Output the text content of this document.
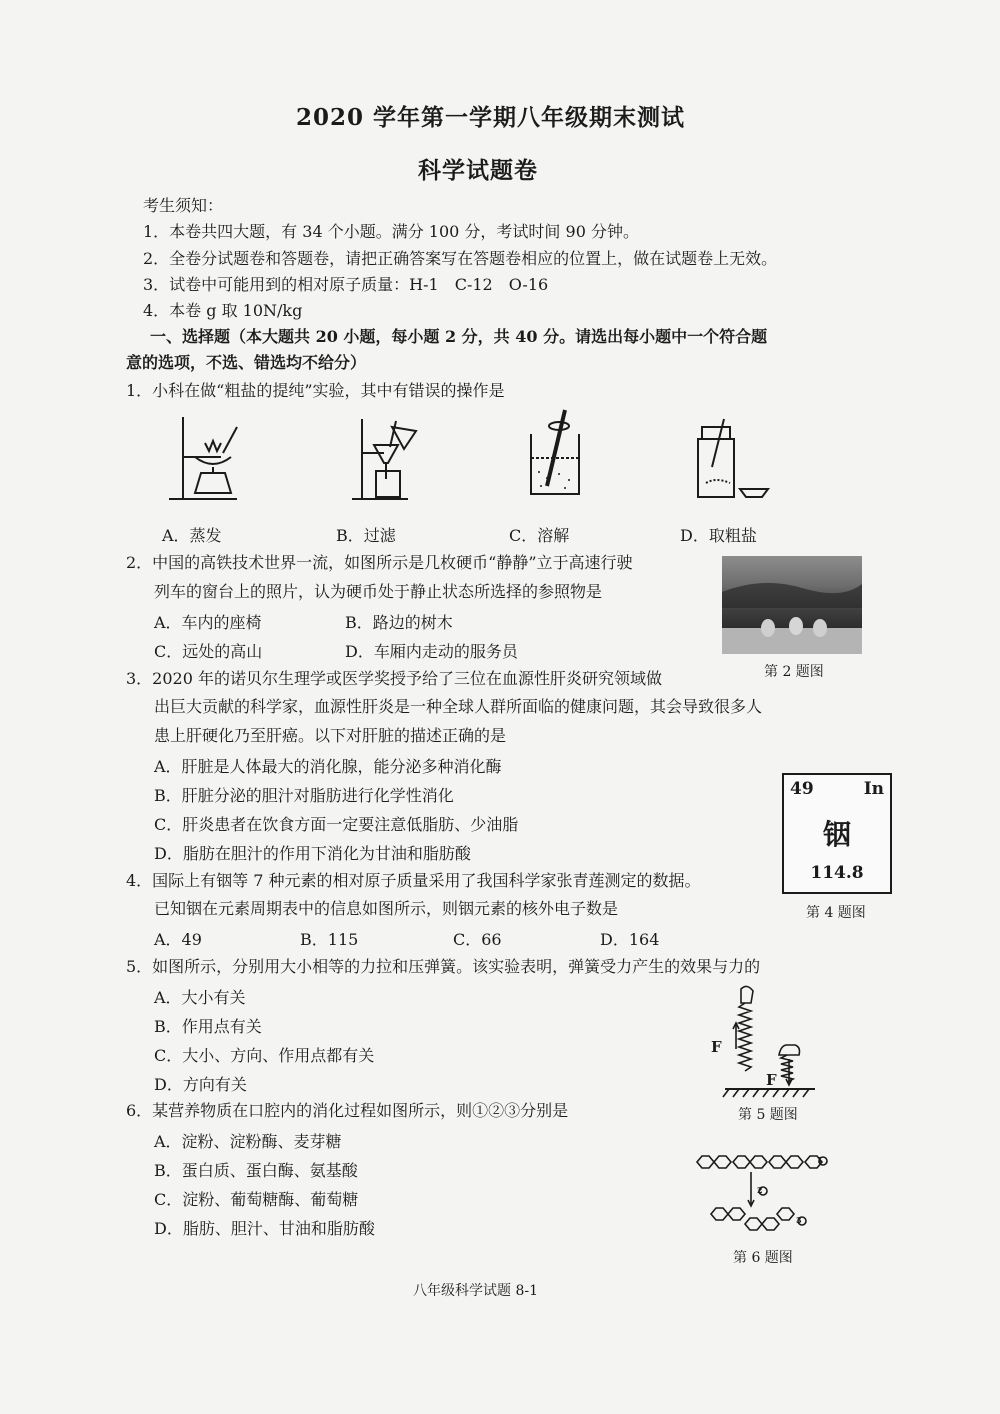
2020 学年第一学期八年级期末测试
科学试题卷
考生须知：
1．本卷共四大题，有 34 个小题。满分 100 分，考试时间 90 分钟。
2．全卷分试题卷和答题卷，请把正确答案写在答题卷相应的位置上，做在试题卷上无效。
3．试卷中可能用到的相对原子质量：H-1　C-12　O-16
4．本卷 g 取 10N/kg
一、选择题（本大题共 20 小题，每小题 2 分，共 40 分。请选出每小题中一个符合题
意的选项，不选、错选均不给分）
1．小科在做“粗盐的提纯”实验，其中有错误的操作是
A．蒸发	B．过滤	C．溶解	D．取粗盐
2．中国的高铁技术世界一流，如图所示是几枚硬币“静静”立于高速行驶
列车的窗台上的照片，认为硬币处于静止状态所选择的参照物是
A．车内的座椅	B．路边的树木
C．远处的高山	D．车厢内走动的服务员
第 2 题图
3．2020 年的诺贝尔生理学或医学奖授予给了三位在血源性肝炎研究领域做
出巨大贡献的科学家，血源性肝炎是一种全球人群所面临的健康问题，其会导致很多人
患上肝硬化乃至肝癌。以下对肝脏的描述正确的是
A．肝脏是人体最大的消化腺，能分泌多种消化酶
B．肝脏分泌的胆汁对脂肪进行化学性消化
C．肝炎患者在饮食方面一定要注意低脂肪、少油脂
D．脂肪在胆汁的作用下消化为甘油和脂肪酸
49	In
铟
114.8
第 4 题图
4．国际上有铟等 7 种元素的相对原子质量采用了我国科学家张青莲测定的数据。
已知铟在元素周期表中的信息如图所示，则铟元素的核外电子数是
A．49	B．115	C．66	D．164
5．如图所示，分别用大小相等的力拉和压弹簧。该实验表明，弹簧受力产生的效果与力的
A．大小有关
B．作用点有关
C．大小、方向、作用点都有关
D．方向有关
F
F
第 5 题图
6．某营养物质在口腔内的消化过程如图所示，则①②③分别是
A．淀粉、淀粉酶、麦芽糖
B．蛋白质、蛋白酶、氨基酸
C．淀粉、葡萄糖酶、葡萄糖
D．脂肪、胆汁、甘油和脂肪酸
1
2
3
第 6 题图
八年级科学试题 8-1
